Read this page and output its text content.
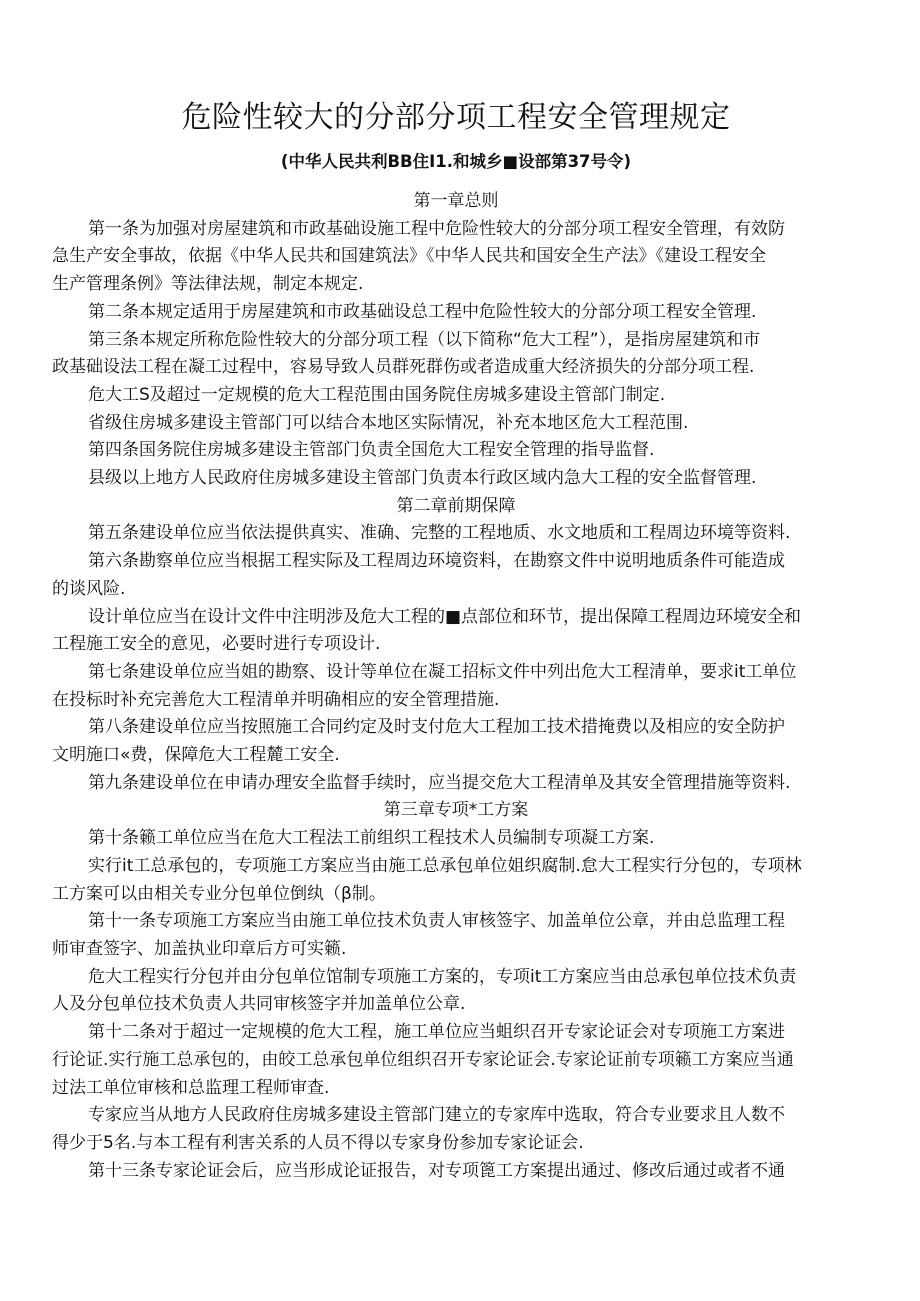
危险性较大的分部分项工程安全管理规定
(中华人民共利BB住I1.和城乡■设部第37号令)
第一章总则
第一条为加强对房屋建筑和市政基础设施工程中危险性较大的分部分项工程安全管理，有效防
急生产安全事故，依据《中华人民共和国建筑法》《中华人民共和国安全生产法》《建设工程安全
生产管理条例》等法律法规，制定本规定.
第二条本规定适用于房屋建筑和市政基础设总工程中危险性较大的分部分项工程安全管理.
第三条本规定所称危险性较大的分部分项工程（以下简称“危大工程”），是指房屋建筑和市
政基础设法工程在凝工过程中，容易导致人员群死群伤或者造成重大经济损失的分部分项工程.
危大工S及超过一定规模的危大工程范围由国务院住房城多建设主管部门制定.
省级住房城多建设主管部门可以结合本地区实际情况，补充本地区危大工程范围.
第四条国务院住房城多建设主管部门负责全国危大工程安全管理的指导监督.
县级以上地方人民政府住房城多建设主管部门负责本行政区域内急大工程的安全监督管理.
第二章前期保障
第五条建设单位应当依法提供真实、准确、完整的工程地质、水文地质和工程周边环境等资料.
第六条勘察单位应当根据工程实际及工程周边环境资料，在勘察文件中说明地质条件可能造成
的谈风险.
设计单位应当在设计文件中注明涉及危大工程的■点部位和环节，提出保障工程周边环境安全和
工程施工安全的意见，必要时进行专项设计.
第七条建设单位应当姐的勘察、设计等单位在凝工招标文件中列出危大工程清单，要求it工单位
在投标时补充完善危大工程清单并明确相应的安全管理措施.
第八条建设单位应当按照施工合同约定及时支付危大工程加工技术措掩费以及相应的安全防护
文明施口«费，保障危大工程麓工安全.
第九条建设单位在申请办理安全监督手续时，应当提交危大工程清单及其安全管理措施等资料.
第三章专项*工方案
第十条籁工单位应当在危大工程法工前组织工程技术人员编制专项凝工方案.
实行it工总承包的，专项施工方案应当由施工总承包单位姐织腐制.怠大工程实行分包的，专项林
工方案可以由相关专业分包单位倒纨（β制。
第十一条专项施工方案应当由施工单位技术负责人审核签字、加盖单位公章，并由总监理工程
师审查签字、加盖执业印章后方可实籁.
危大工程实行分包并由分包单位馆制专项施工方案的，专项it工方案应当由总承包单位技术负责
人及分包单位技术负责人共同审核签字并加盖单位公章.
第十二条对于超过一定规模的危大工程，施工单位应当蛆织召开专家论证会对专项施工方案进
行论证.实行施工总承包的，由皎工总承包单位组织召开专家论证会.专家论证前专项籁工方案应当通
过法工单位审核和总监理工程师审查.
专家应当从地方人民政府住房城多建设主管部门建立的专家库中选取，符合专业要求且人数不
得少于5名.与本工程有利害关系的人员不得以专家身份参加专家论证会.
第十三条专家论证会后，应当形成论证报告，对专项篦工方案提出通过、修改后通过或者不通
